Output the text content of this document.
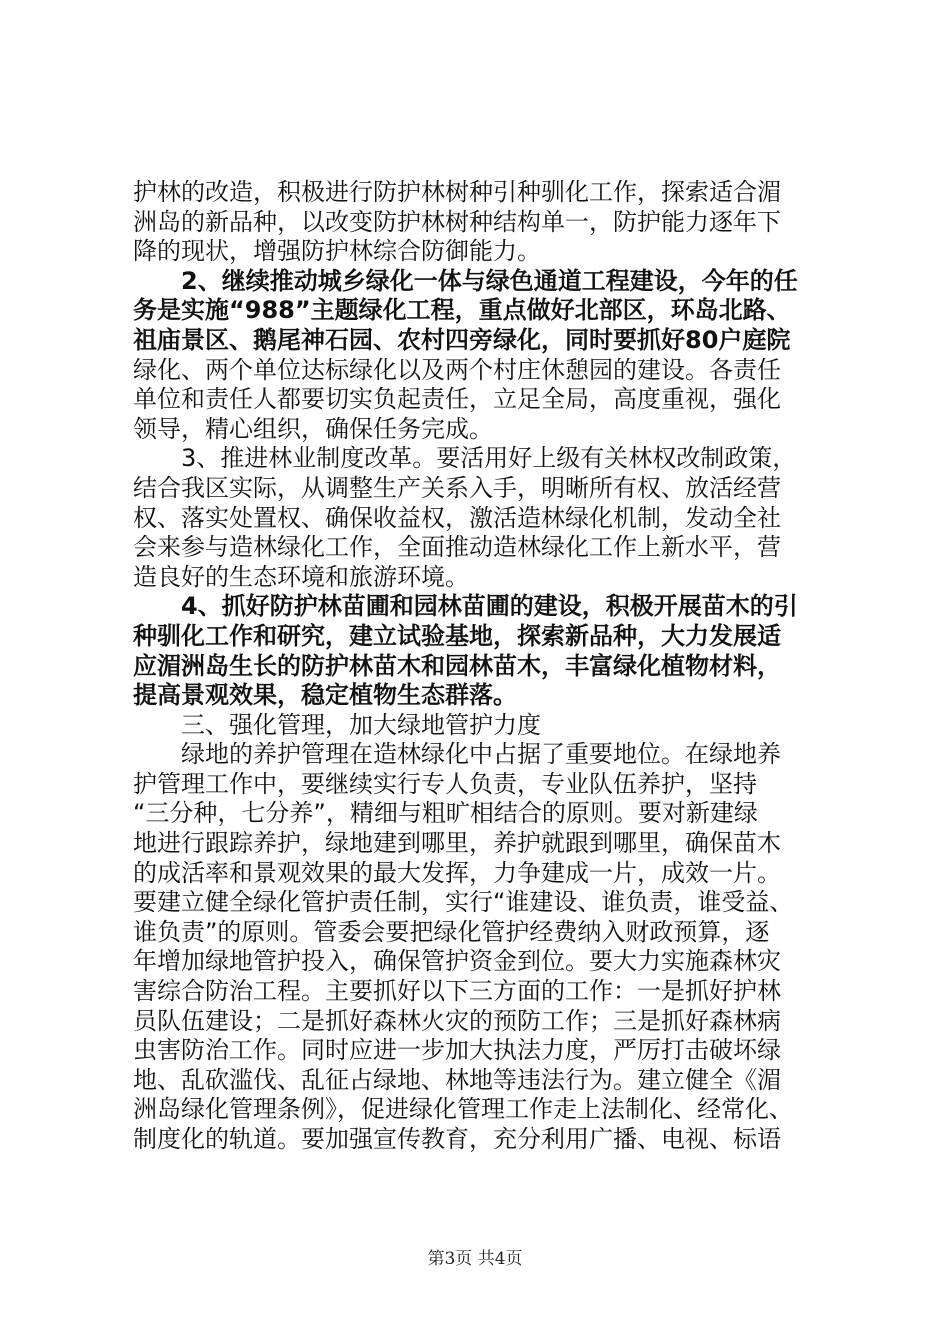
护林的改造，积极进行防护林树种引种驯化工作，探索适合湄
洲岛的新品种，以改变防护林树种结构单一，防护能力逐年下
降的现状，增强防护林综合防御能力。
2、继续推动城乡绿化一体与绿色通道工程建设，今年的任
务是实施“988”主题绿化工程，重点做好北部区，环岛北路、
祖庙景区、鹅尾神石园、农村四旁绿化，同时要抓好80户庭院
绿化、两个单位达标绿化以及两个村庄休憩园的建设。各责任
单位和责任人都要切实负起责任，立足全局，高度重视，强化
领导，精心组织，确保任务完成。
3、推进林业制度改革。要活用好上级有关林权改制政策，
结合我区实际，从调整生产关系入手，明晰所有权、放活经营
权、落实处置权、确保收益权，激活造林绿化机制，发动全社
会来参与造林绿化工作，全面推动造林绿化工作上新水平，营
造良好的生态环境和旅游环境。
4、抓好防护林苗圃和园林苗圃的建设，积极开展苗木的引
种驯化工作和研究，建立试验基地，探索新品种，大力发展适
应湄洲岛生长的防护林苗木和园林苗木，丰富绿化植物材料，
提高景观效果，稳定植物生态群落。
三、强化管理，加大绿地管护力度
绿地的养护管理在造林绿化中占据了重要地位。在绿地养
护管理工作中，要继续实行专人负责，专业队伍养护，坚持
“三分种，七分养”，精细与粗旷相结合的原则。要对新建绿
地进行跟踪养护，绿地建到哪里，养护就跟到哪里，确保苗木
的成活率和景观效果的最大发挥，力争建成一片，成效一片。
要建立健全绿化管护责任制，实行“谁建设、谁负责，谁受益、
谁负责”的原则。管委会要把绿化管护经费纳入财政预算，逐
年增加绿地管护投入，确保管护资金到位。要大力实施森林灾
害综合防治工程。主要抓好以下三方面的工作：一是抓好护林
员队伍建设；二是抓好森林火灾的预防工作；三是抓好森林病
虫害防治工作。同时应进一步加大执法力度，严厉打击破坏绿
地、乱砍滥伐、乱征占绿地、林地等违法行为。建立健全《湄
洲岛绿化管理条例》，促进绿化管理工作走上法制化、经常化、
制度化的轨道。要加强宣传教育，充分利用广播、电视、标语
第3页 共4页
